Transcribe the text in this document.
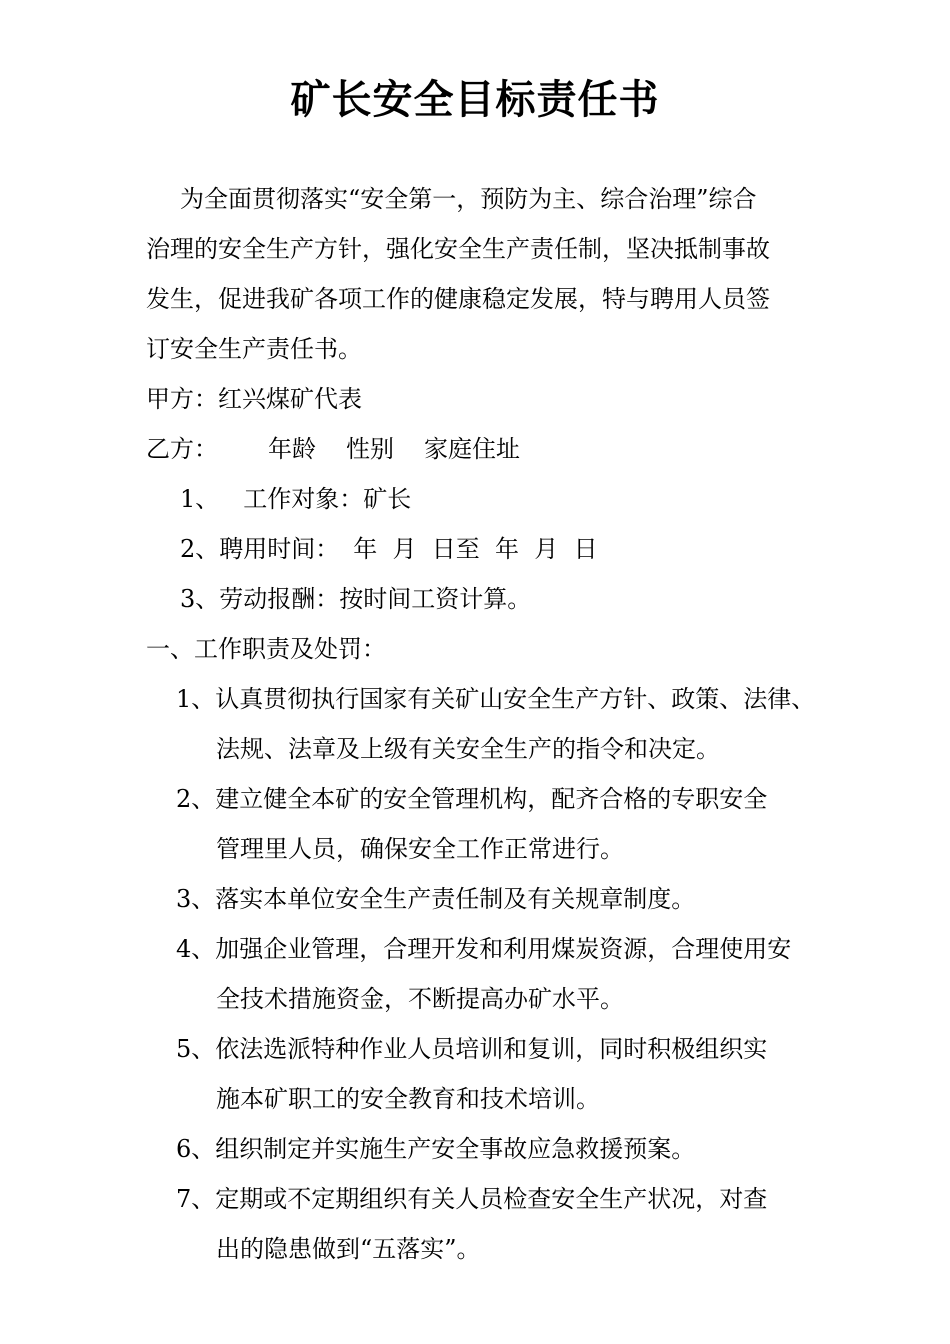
矿长安全目标责任书
为全面贯彻落实“安全第一，预防为主、综合治理”综合
治理的安全生产方针，强化安全生产责任制，坚决抵制事故
发生，促进我矿各项工作的健康稳定发展，特与聘用人员签
订安全生产责任书。
甲方：红兴煤矿代表
乙方： 年龄 性别 家庭住址
1、 工作对象：矿长
2、聘用时间： 年  月  日至  年  月  日
3、劳动报酬：按时间工资计算。
一、工作职责及处罚：
1、认真贯彻执行国家有关矿山安全生产方针、政策、法律、
法规、法章及上级有关安全生产的指令和决定。
2、建立健全本矿的安全管理机构，配齐合格的专职安全
管理里人员，确保安全工作正常进行。
3、落实本单位安全生产责任制及有关规章制度。
4、加强企业管理，合理开发和利用煤炭资源，合理使用安
全技术措施资金，不断提高办矿水平。
5、依法选派特种作业人员培训和复训，同时积极组织实
施本矿职工的安全教育和技术培训。
6、组织制定并实施生产安全事故应急救援预案。
7、定期或不定期组织有关人员检查安全生产状况，对查
出的隐患做到“五落实”。
